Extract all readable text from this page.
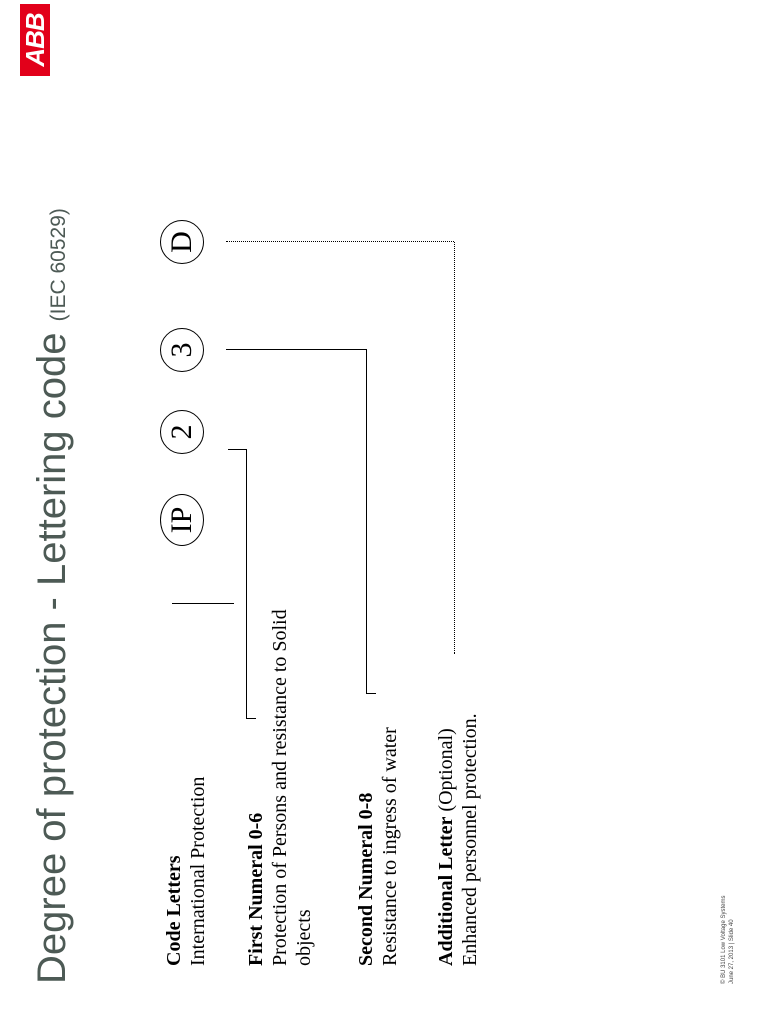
Degree of protection - Lettering code (IEC 60529)
ABB
IP
2
3
D
Code Letters International Protection First Numeral 0-6 Protection of Persons and resistance to Solid objects Second Numeral 0-8 Resistance to ingress of water Additional Letter (Optional) Enhanced personnel protection.	© BU 3101 Low Voltage Systems June 27, 2013 | Slide 40
